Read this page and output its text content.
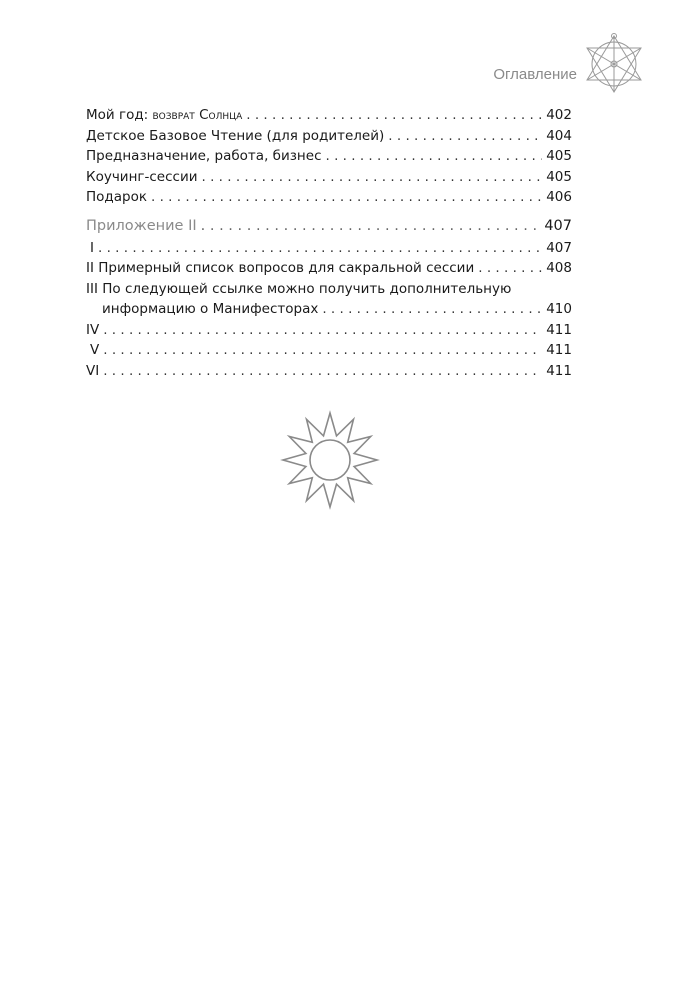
Оглавление
Мой год: возврат Солнца . . .	402
Детское Базовое Чтение (для родителей) . . .	404
Предназначение, работа, бизнес . . .	405
Коучинг-сессии . . .	405
Подарок . . .	406
Приложение II . . .	407
I . . .	407
II Примерный список вопросов для сакральной сессии . . .	408
III По следующей ссылке можно получить дополнительную
информацию о Манифесторах . . .	410
IV . . .	411
V . . .	411
VI . . .	411
